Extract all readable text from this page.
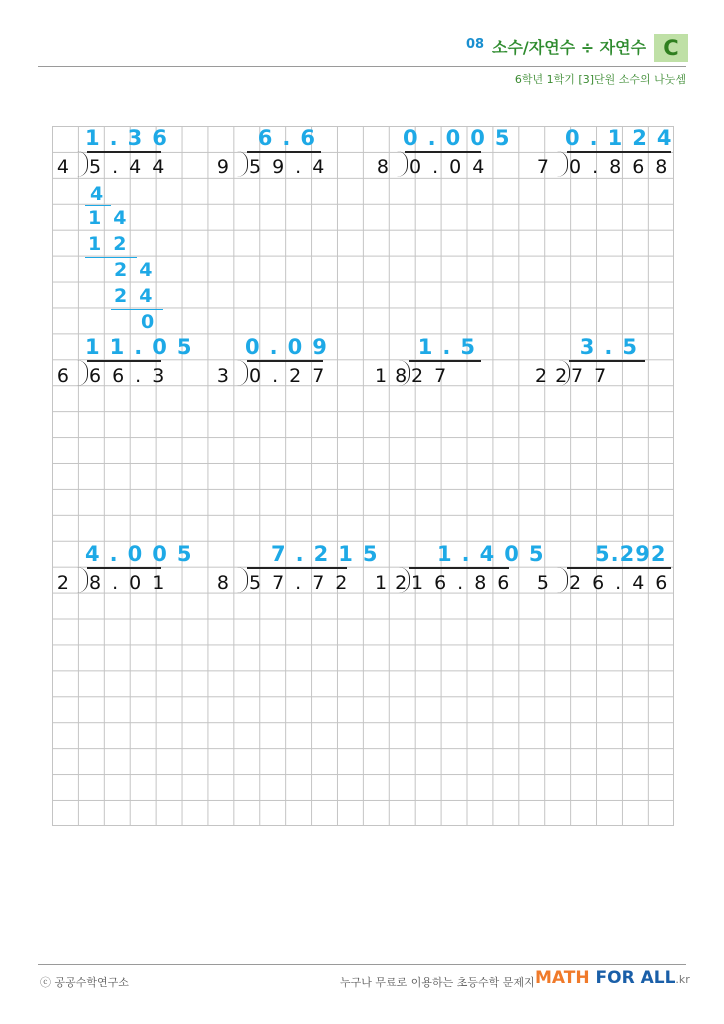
08 소수/자연수 ÷ 자연수 C
6학년 1학기 [3]단원 소수의 나눗셈
1.36
4 5.44
6.6
9 59.4
0.005
8 0.04
0.124
7 0.868
4
14
12
24
24
0
11.05
6 66.3
0.09
3 0.27
1.5
18
27
3.5
22
77
4.005
2 8.01
7.215
8 57.72
1.405
12
16.86
5.292
5 26.46
ⓒ 공공수학연구소	누구나 무료로 이용하는 초등수학 문제지 MATH FOR ALL.kr
